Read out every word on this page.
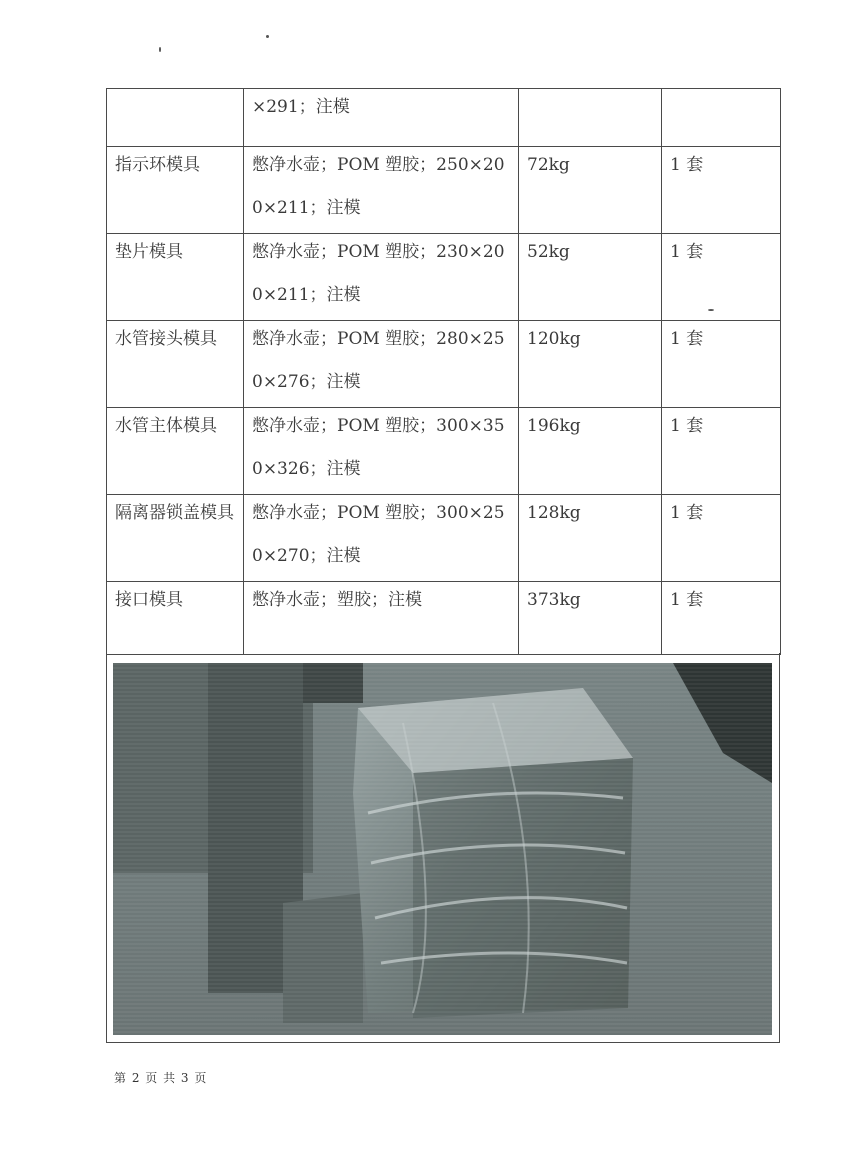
	×291；注模		

指示环模具	憋净水壶；POM 塑胶；250×200×211；注模	72kg	1 套

垫片模具	憋净水壶；POM 塑胶；230×200×211；注模	52kg	1 套

水管接头模具	憋净水壶；POM 塑胶；280×250×276；注模	120kg	1 套

水管主体模具	憋净水壶；POM 塑胶；300×350×326；注模	196kg	1 套

隔离器锁盖模具	憋净水壶；POM 塑胶；300×250×270；注模	128kg	1 套

接口模具	憋净水壶；塑胶；注模	373kg	1 套
第 2 页 共 3 页
